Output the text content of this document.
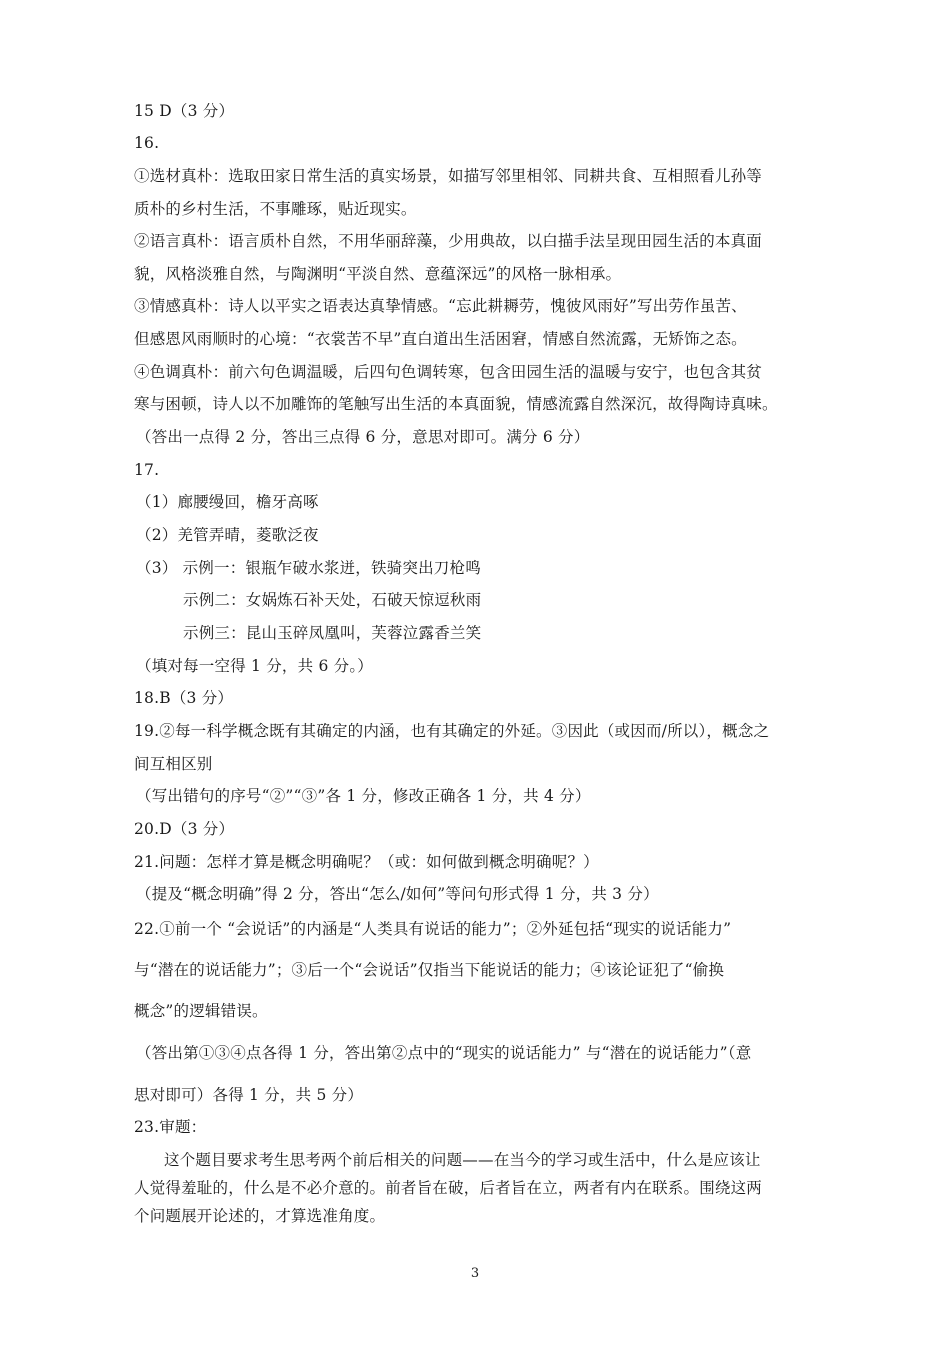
15 D（3 分）
16.
①选材真朴：选取田家日常生活的真实场景，如描写邻里相邻、同耕共食、互相照看儿孙等
质朴的乡村生活，不事雕琢，贴近现实。
②语言真朴：语言质朴自然，不用华丽辞藻，少用典故，以白描手法呈现田园生活的本真面
貌，风格淡雅自然，与陶渊明“平淡自然、意蕴深远”的风格一脉相承。
③情感真朴：诗人以平实之语表达真挚情感。“忘此耕耨劳，愧彼风雨好”写出劳作虽苦、
但感恩风雨顺时的心境：“衣裳苦不早”直白道出生活困窘，情感自然流露，无矫饰之态。
④色调真朴：前六句色调温暖，后四句色调转寒，包含田园生活的温暖与安宁，也包含其贫
寒与困顿，诗人以不加雕饰的笔触写出生活的本真面貌，情感流露自然深沉，故得陶诗真味。
（答出一点得 2 分，答出三点得 6 分，意思对即可。满分 6 分）
17.
（1）廊腰缦回，檐牙高啄
（2）羌管弄晴，菱歌泛夜
（3） 示例一：银瓶乍破水浆迸，铁骑突出刀枪鸣
示例二：女娲炼石补天处，石破天惊逗秋雨
示例三：昆山玉碎凤凰叫，芙蓉泣露香兰笑
（填对每一空得 1 分，共 6 分。）
18.B（3 分）
19.②每一科学概念既有其确定的内涵，也有其确定的外延。③因此（或因而/所以），概念之
间互相区别
（写出错句的序号“②”“③”各 1 分，修改正确各 1 分，共 4 分）
20.D（3 分）
21.问题：怎样才算是概念明确呢？（或：如何做到概念明确呢？）
（提及“概念明确”得 2 分，答出“怎么/如何”等问句形式得 1 分，共 3 分）
22.①前一个 “会说话”的内涵是“人类具有说话的能力”；②外延包括“现实的说话能力”
与“潜在的说话能力”；③后一个“会说话”仅指当下能说话的能力；④该论证犯了“偷换
概念”的逻辑错误。
（答出第①③④点各得 1 分，答出第②点中的“现实的说话能力” 与“潜在的说话能力”（意
思对即可）各得 1 分，共 5 分）
23.审题：
这个题目要求考生思考两个前后相关的问题——在当今的学习或生活中，什么是应该让
人觉得羞耻的，什么是不必介意的。前者旨在破，后者旨在立，两者有内在联系。围绕这两
个问题展开论述的，才算选准角度。
3
